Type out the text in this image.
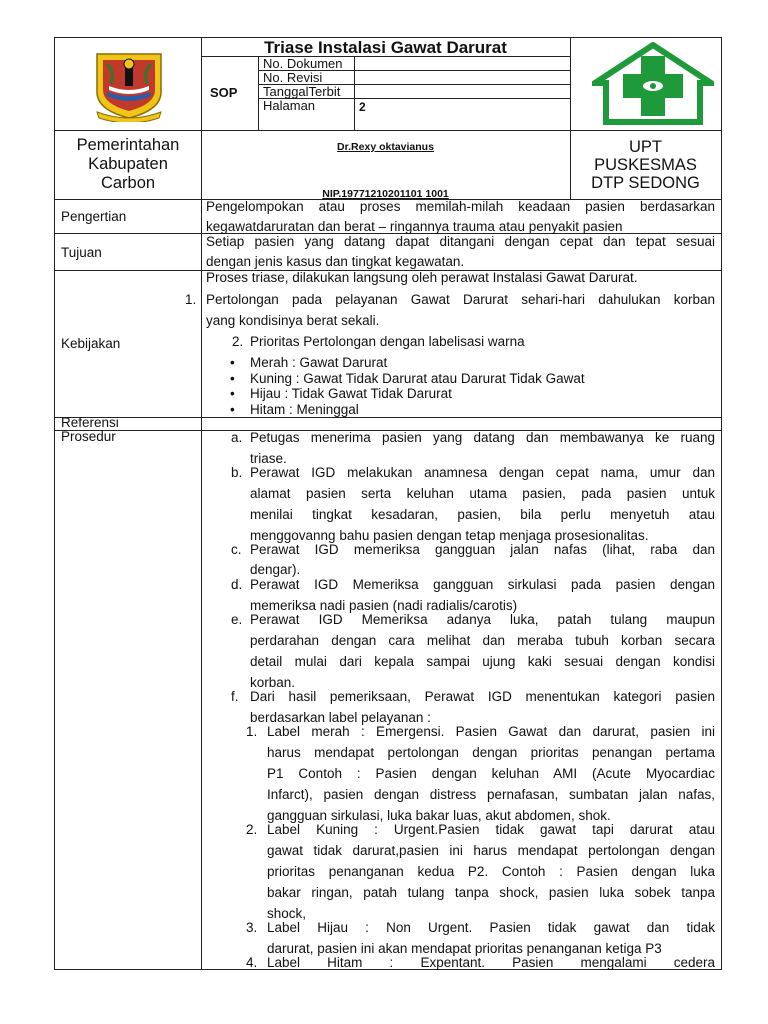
Triase Instalasi Gawat Darurat
SOP
No. Dokumen
No. Revisi
TanggalTerbit
Halaman	2
Pemerintahan
Kabupaten
Carbon
Dr.Rexy oktavianus
NIP.19771210201101 1001
UPT
PUSKESMAS
DTP SEDONG
Pengertian
Pengelompokan atau proses memilah-milah keadaan pasien berdasarkan
kegawatdaruratan dan berat – ringannya trauma atau penyakit pasien
Tujuan
Setiap pasien yang datang dapat ditangani dengan cepat dan tepat sesuai
dengan jenis kasus dan tingkat kegawatan.
Kebijakan
Proses triase, dilakukan langsung oleh perawat Instalasi Gawat Darurat.
1. Pertolongan pada pelayanan Gawat Darurat sehari-hari dahulukan korban
yang kondisinya berat sekali.
2. Prioritas Pertolongan dengan labelisasi warna
• Merah : Gawat Darurat
• Kuning : Gawat Tidak Darurat atau Darurat Tidak Gawat
• Hijau : Tidak Gawat Tidak Darurat
• Hitam : Meninggal
Referensi
Prosedur	a. Petugas menerima pasien yang datang dan membawanya ke ruang
triase.
b. Perawat IGD melakukan anamnesa dengan cepat nama, umur dan
alamat pasien serta keluhan utama pasien, pada pasien untuk
menilai tingkat kesadaran, pasien, bila perlu menyetuh atau
menggovanng bahu pasien dengan tetap menjaga prosesionalitas.
c. Perawat IGD memeriksa gangguan jalan nafas (lihat, raba dan
dengar).
d. Perawat IGD Memeriksa gangguan sirkulasi pada pasien dengan
memeriksa nadi pasien (nadi radialis/carotis)
e. Perawat IGD Memeriksa adanya luka, patah tulang maupun
perdarahan dengan cara melihat dan meraba tubuh korban secara
detail mulai dari kepala sampai ujung kaki sesuai dengan kondisi
korban.
f. Dari hasil pemeriksaan, Perawat IGD menentukan kategori pasien
berdasarkan label pelayanan :
1. Label merah : Emergensi. Pasien Gawat dan darurat, pasien ini
harus mendapat pertolongan dengan prioritas penangan pertama
P1 Contoh : Pasien dengan keluhan AMI (Acute Myocardiac
Infarct), pasien dengan distress pernafasan, sumbatan jalan nafas,
gangguan sirkulasi, luka bakar luas, akut abdomen, shok.
2. Label Kuning : Urgent.Pasien tidak gawat tapi darurat atau
gawat tidak darurat,pasien ini harus mendapat pertolongan dengan
prioritas penanganan kedua P2. Contoh : Pasien dengan luka
bakar ringan, patah tulang tanpa shock, pasien luka sobek tanpa
shock,
3. Label Hijau : Non Urgent. Pasien tidak gawat dan tidak
darurat, pasien ini akan mendapat prioritas penanganan ketiga P3
4. Label Hitam : Expentant. Pasien mengalami cedera
